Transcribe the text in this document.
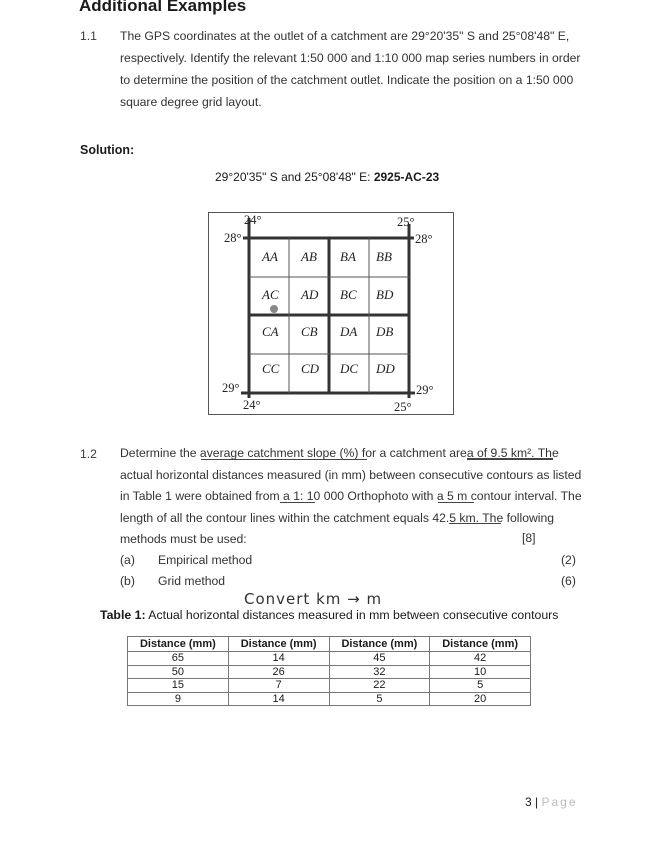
Additional Examples
1.1 The GPS coordinates at the outlet of a catchment are 29°20'35" S and 25°08'48" E,
respectively. Identify the relevant 1:50 000 and 1:10 000 map series numbers in order
to determine the position of the catchment outlet. Indicate the position on a 1:50 000
square degree grid layout.
Solution:
29°20'35" S and 25°08'48" E: 2925-AC-23
AA AB BA BB
AC AD BC BD
CA CB DA DB
CC CD DC DD
24°	25°
28°	28°
29°	29°
24°	25°
1.2 Determine the average catchment slope (%) for a catchment area of 9.5 km². The
actual horizontal distances measured (in mm) between consecutive contours as listed
in Table 1 were obtained from a 1: 10 000 Orthophoto with a 5 m contour interval. The
length of all the contour lines within the catchment equals 42.5 km. The following
methods must be used:	[8]
(a) Empirical method	(2)
(b) Grid method	(6)
Convert km → m
Table 1: Actual horizontal distances measured in mm between consecutive contours
Distance (mm)	Distance (mm)	Distance (mm)	Distance (mm)
65	14	45	42
50	26	32	10
15	7	22	5
9	14	5	20
3 | Page
